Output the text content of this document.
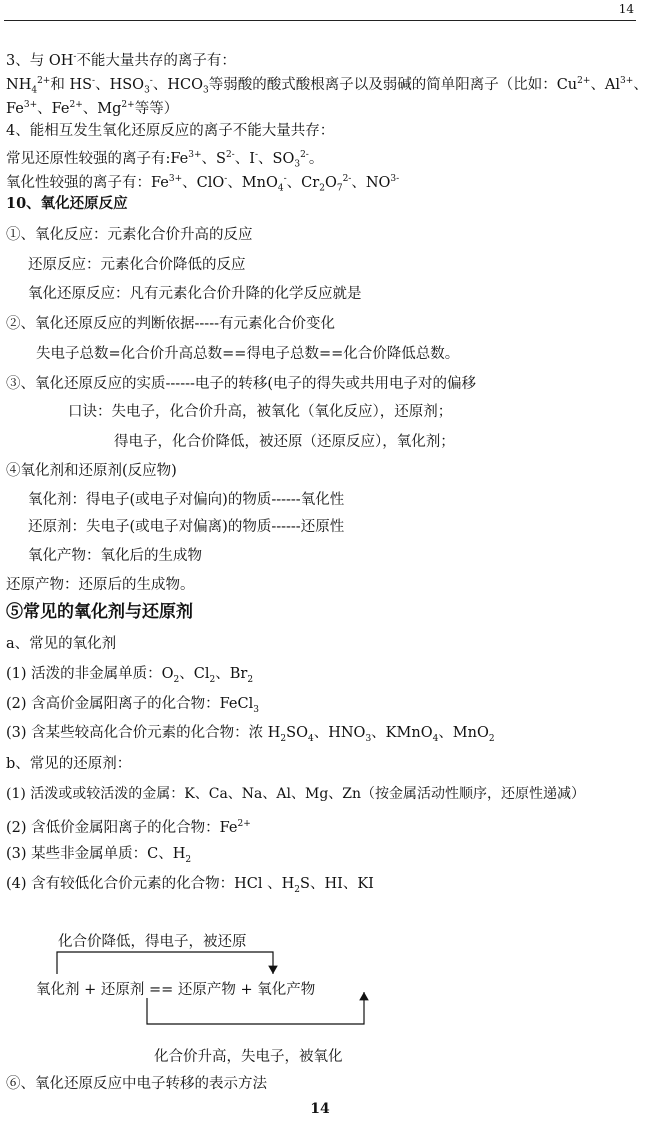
14
3、与 OH-不能大量共存的离子有：
$NH_4^{2+}$和 HS-、$HSO_3^-$、$HCO_3$等弱酸的酸式酸根离子以及弱碱的简单阳离子（比如：$Cu^{2+}$、$Al^{3+}$、
$Fe^{3+}$、$Fe^{2+}$、$Mg^{2+}$等等）
4、能相互发生氧化还原反应的离子不能大量共存：
常见还原性较强的离子有$:Fe^{3+}$、$S^{2-}$、I-、$SO_3^{2-}$。
氧化性较强的离子有：$Fe^{3+}$、ClO-、MnO$_4$-、$Cr_2O_7^{2-}$、$NO^{3-}$
10、氧化还原反应
①、氧化反应：元素化合价升高的反应
还原反应：元素化合价降低的反应
氧化还原反应：凡有元素化合价升降的化学反应就是
②、氧化还原反应的判断依据-----有元素化合价变化
失电子总数=化合价升高总数==得电子总数==化合价降低总数。
③、氧化还原反应的实质------电子的转移(电子的得失或共用电子对的偏移
口诀：失电子，化合价升高，被氧化（氧化反应），还原剂；
得电子，化合价降低，被还原（还原反应），氧化剂；
④氧化剂和还原剂(反应物)
氧化剂：得电子(或电子对偏向)的物质------氧化性
还原剂：失电子(或电子对偏离)的物质------还原性
氧化产物：氧化后的生成物
还原产物：还原后的生成物。
⑤常见的氧化剂与还原剂
a、常见的氧化剂
(1) 活泼的非金属单质：$O_2$、$Cl_2$、$Br_2$
(2) 含高价金属阳离子的化合物：FeCl$_3$
(3) 含某些较高化合价元素的化合物：浓 $H_2SO_4$、$HNO_3$、KMnO$_4$、MnO$_2$
b、常见的还原剂：
(1) 活泼或或较活泼的金属：K、Ca、Na、Al、Mg、Zn（按金属活动性顺序，还原性递减）
(2) 含低价金属阳离子的化合物：$Fe^{2+}$
(3) 某些非金属单质：C、$H_2$
(4) 含有较低化合价元素的化合物：HCl 、$H_2S$、HI、KI
化合价降低，得电子，被还原
氧化剂 + 还原剂 == 还原产物 + 氧化产物
化合价升高，失电子，被氧化
⑥、氧化还原反应中电子转移的表示方法
14
